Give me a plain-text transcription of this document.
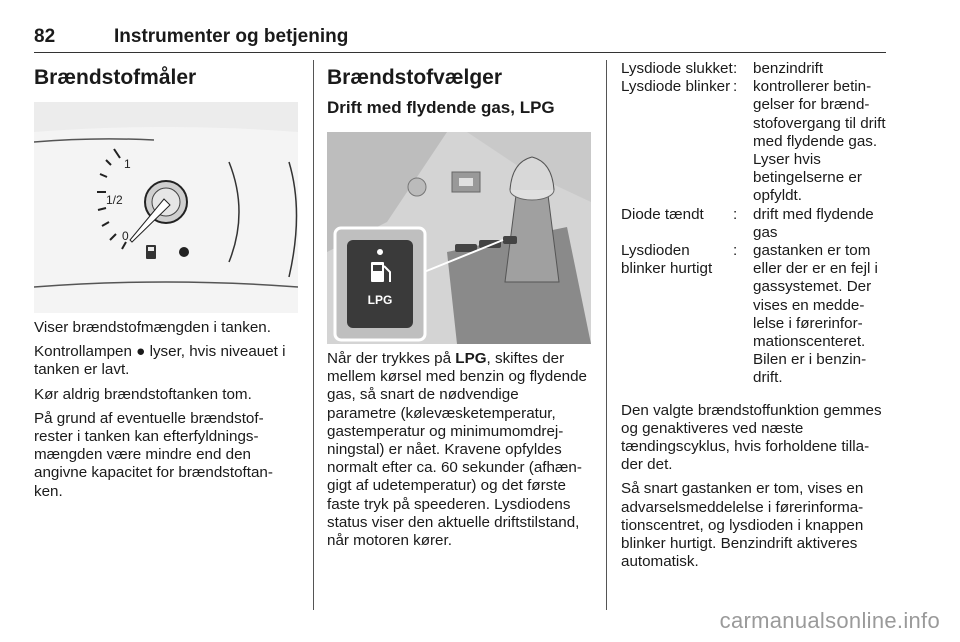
82	Instrumenter og betjening
Brændstofmåler
1
1/2
0

Viser brændstofmængden i tanken.

Kontrollampen ● lyser, hvis niveauet i tanken er lavt.

Kør aldrig brændstoftanken tom.

På grund af eventuelle brændstof-rester i tanken kan efterfyldnings-mængden være mindre end den angivne kapacitet for brændstoftan-ken.

Brændstofvælger
Drift med flydende gas, LPG
LPG

Når der trykkes på LPG, skiftes der mellem kørsel med benzin og flydende gas, så snart de nødvendige parametre (kølevæsketemperatur, gastemperatur og minimumomdrej-ningstal) er nået. Kravene opfyldes normalt efter ca. 60 sekunder (afhæn-gigt af udetemperatur) og det første faste tryk på speederen. Lysdiodens status viser den aktuelle driftstilstand, når motoren kører.

Lysdiode slukket :	benzindrift
Lysdiode blinker :	kontrollerer betin-gelser for brænd-stofovergang til drift med flydende gas. Lyser hvis betingelserne er opfyldt.
Diode tændt	:	drift med flydende gas
Lysdioden blinker hurtigt
:	gastanken er tom eller der er en fejl i gassystemet. Der vises en medde-lelse i førerinfor-mationscenteret. Bilen er i benzin-drift.

Den valgte brændstoffunktion gemmes og genaktiveres ved næste tændingscyklus, hvis forholdene tilla-der det.

Så snart gastanken er tom, vises en advarselsmeddelelse i førerinforma-tionscentret, og lysdioden i knappen blinker hurtigt. Benzindrift aktiveres automatisk.

carmanualsonline.info
